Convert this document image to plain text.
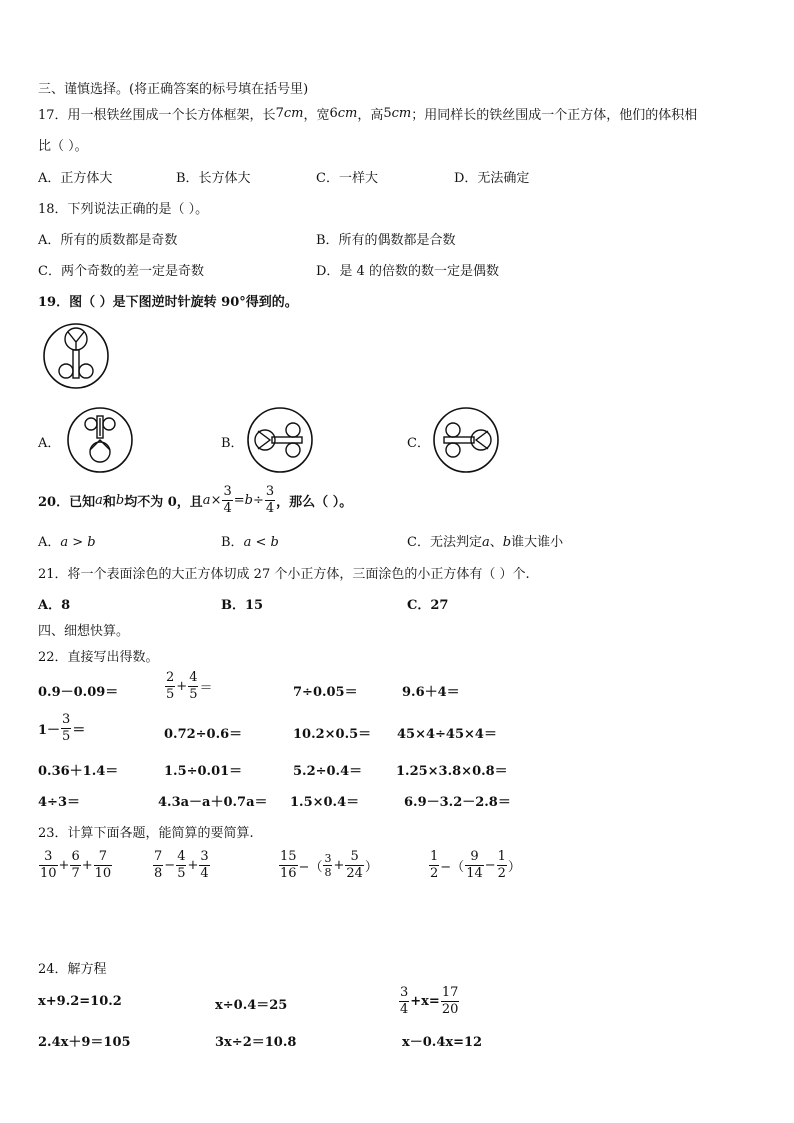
三、谨慎选择。(将正确答案的标号填在括号里)
17． 用一根铁丝围成一个长方体框架，长 7 cm ，宽 6 cm ，高 5 cm ；用同样长的铁丝围成一个正方体，他们的体积相
比（ ）。
A．正方体大	B．长方体大	C．一样大	D．无法确定
18．下列说法正确的是（ ）。
A．所有的质数都是奇数	B．所有的偶数都是合数
C．两个奇数的差一定是奇数	D．是 4 的倍数的数一定是偶数
19．图（ ）是下图逆时针旋转 90°得到的。
A．	B．	C．
20． 已知 a 和 b 均不为 0，且 $a \times \frac{3}{4} = b \div \frac{3}{4}$ ，那么（ ）。
A．a > b	B．a < b	C．无法判定a、b谁大谁小
21．将一个表面涂色的大正方体切成 27 个小正方体，三面涂色的小正方体有（ ）个.
A．8	B．15	C．27
四、细想快算。
22．直接写出得数。
0.9－0.09＝	$\frac{2}{5} + \frac{4}{5}$ ＝	7÷0.05＝	9.6＋4＝
$1- \frac{3}{5}$ ＝	0.72÷0.6＝	10.2×0.5＝ 45×4÷45×4＝
0.36＋1.4＝	1.5÷0.01＝	5.2÷0.4＝	1.25×3.8×0.8＝
4÷3＝	4.3a－a＋0.7a＝ 1.5×0.4＝	6.9－3.2－2.8＝
23．计算下面各题，能简算的要简算.
$\frac{3}{10} + \frac{6}{7} + \frac{7}{10}$	$\frac{7}{8} - \frac{4}{5} + \frac{3}{4}$	$\frac{15}{16}$ −（ $\frac{3}{8} + \frac{5}{24}$ ）	$\frac{1}{2}$ −（ $\frac{9}{14} - \frac{1}{2}$ ）
24．解方程
x+9.2=10.2	x÷0.4＝25	$\frac{3}{4} +x= \frac{17}{20}$
2.4x＋9＝105	3x÷2＝10.8	x－0.4x=12
